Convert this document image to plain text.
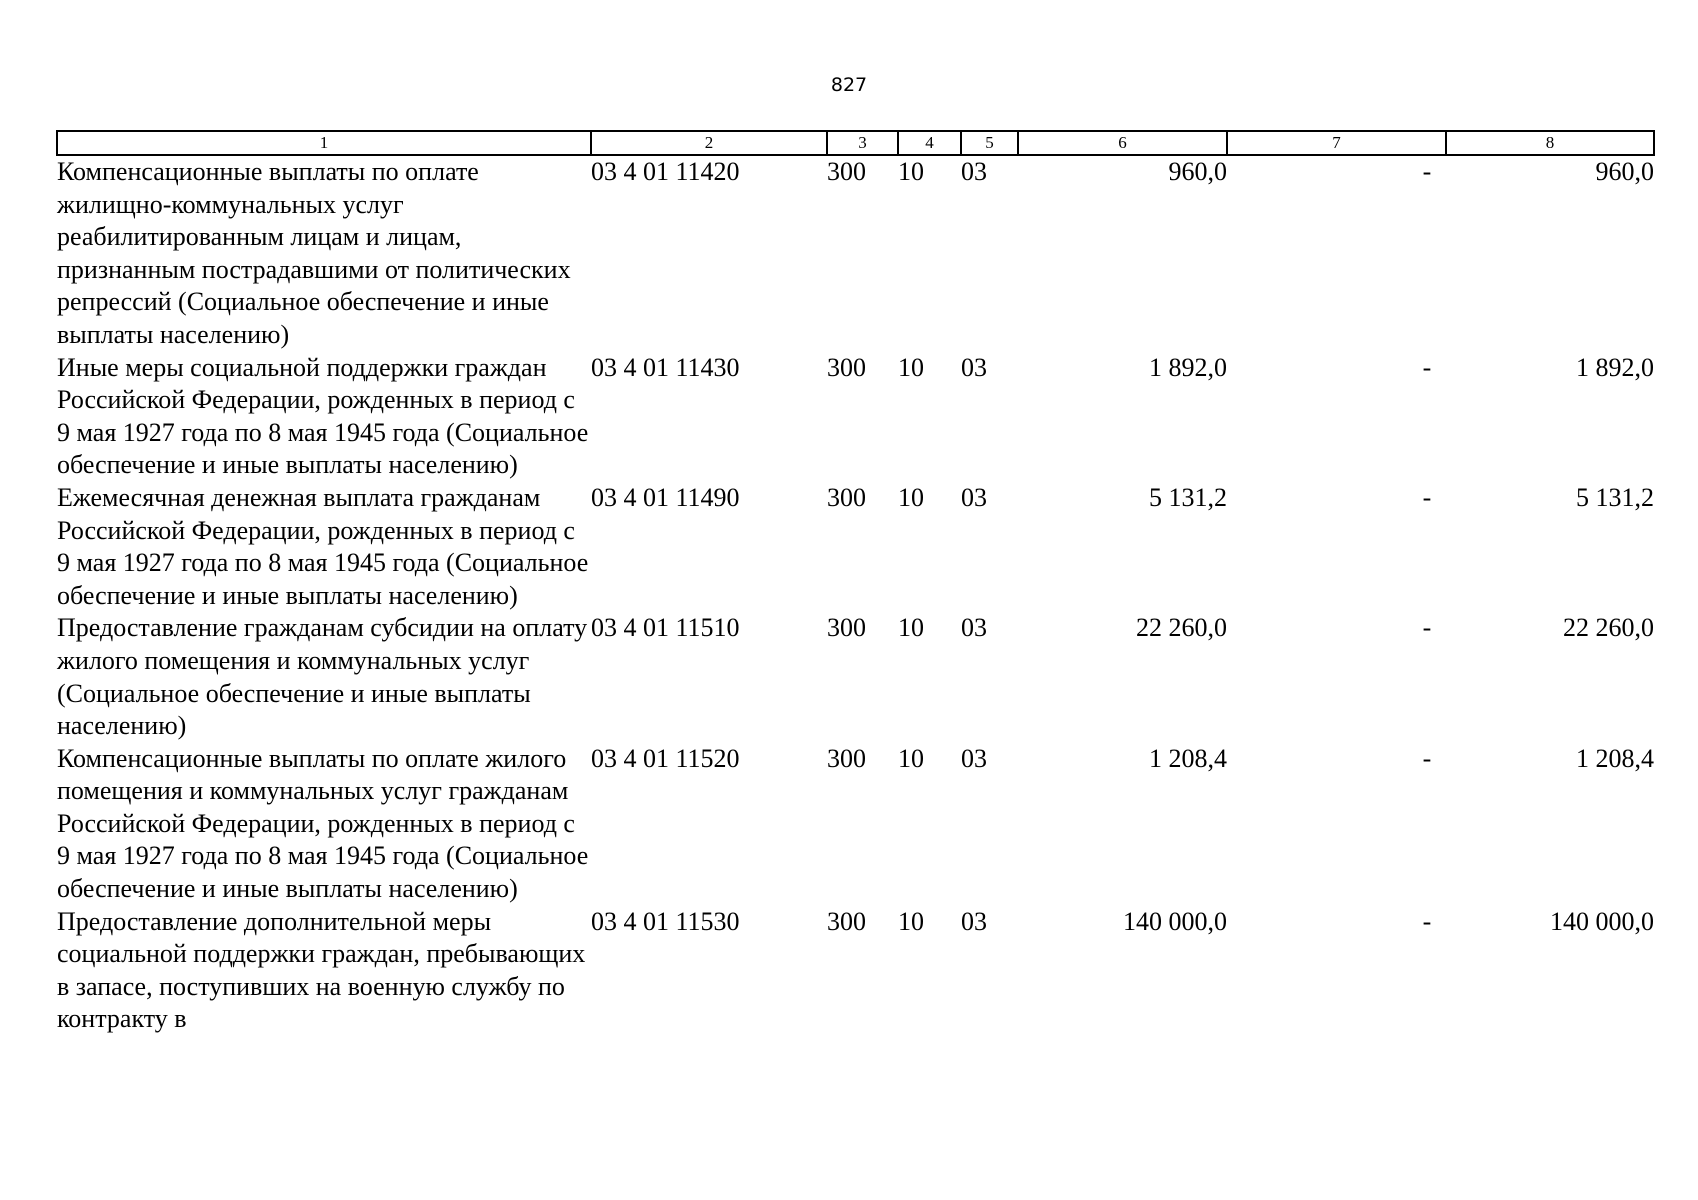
827
1	2	3	4	5	6	7	8
Компенсационные выплаты по оплате жилищно-коммунальных услуг реабилитированным лицам и лицам, признанным пострадавшими от политических репрессий (Социальное обеспечение и иные выплаты населению)	03 4 01 11420	300	10	03	960,0	-	960,0
Иные меры социальной поддержки граждан Российской Федерации, рожденных в период с 9 мая 1927 года по 8 мая 1945 года (Социальное обеспечение и иные выплаты населению)	03 4 01 11430	300	10	03	1 892,0	-	1 892,0
Ежемесячная денежная выплата гражданам Российской Федерации, рожденных в период с 9 мая 1927 года по 8 мая 1945 года (Социальное обеспечение и иные выплаты населению)	03 4 01 11490	300	10	03	5 131,2	-	5 131,2
Предоставление гражданам субсидии на оплату жилого помещения и коммунальных услуг (Социальное обеспечение и иные выплаты населению)	03 4 01 11510	300	10	03	22 260,0	-	22 260,0
Компенсационные выплаты по оплате жилого помещения и коммунальных услуг гражданам Российской Федерации, рожденных в период с 9 мая 1927 года по 8 мая 1945 года (Социальное обеспечение и иные выплаты населению)	03 4 01 11520	300	10	03	1 208,4	-	1 208,4
Предоставление дополнительной меры социальной поддержки граждан, пребывающих в запасе, поступивших на военную службу по контракту в	03 4 01 11530	300	10	03	140 000,0	-	140 000,0
